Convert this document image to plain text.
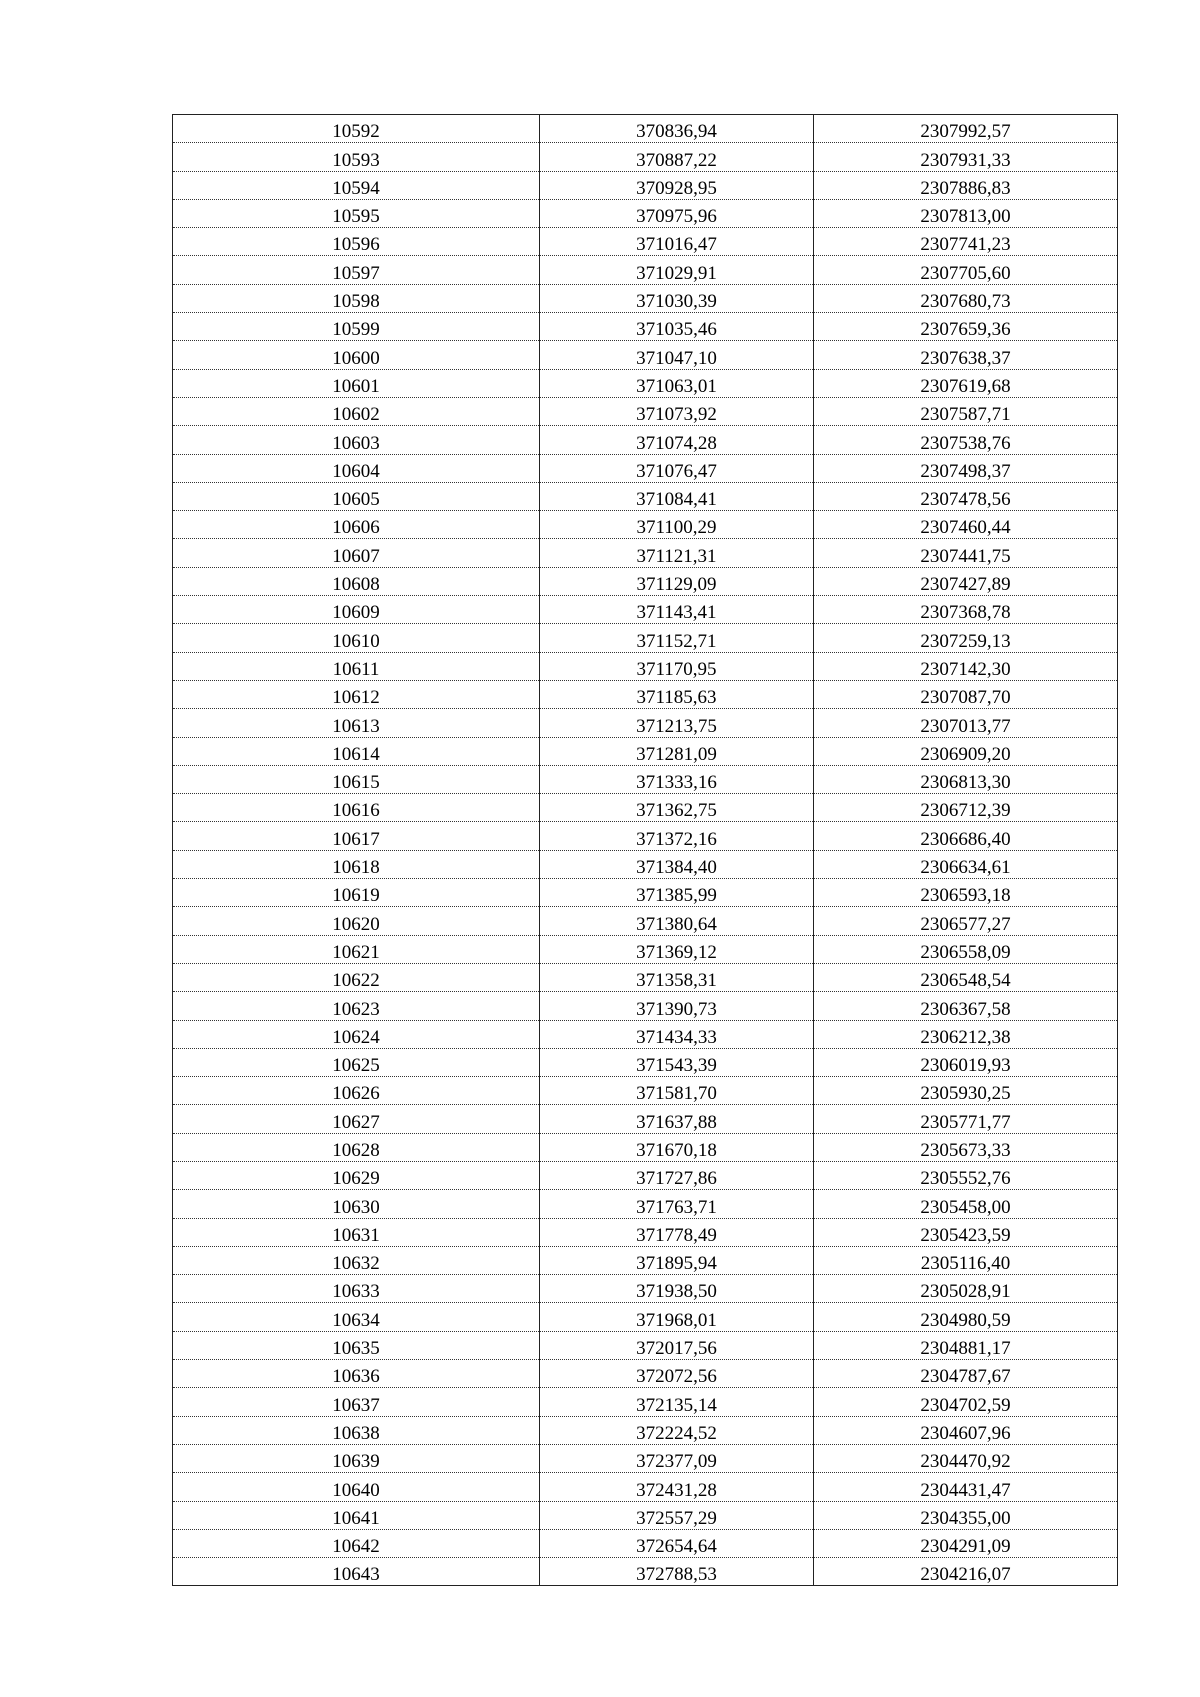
10592	370836,94	2307992,57
10593	370887,22	2307931,33
10594	370928,95	2307886,83
10595	370975,96	2307813,00
10596	371016,47	2307741,23
10597	371029,91	2307705,60
10598	371030,39	2307680,73
10599	371035,46	2307659,36
10600	371047,10	2307638,37
10601	371063,01	2307619,68
10602	371073,92	2307587,71
10603	371074,28	2307538,76
10604	371076,47	2307498,37
10605	371084,41	2307478,56
10606	371100,29	2307460,44
10607	371121,31	2307441,75
10608	371129,09	2307427,89
10609	371143,41	2307368,78
10610	371152,71	2307259,13
10611	371170,95	2307142,30
10612	371185,63	2307087,70
10613	371213,75	2307013,77
10614	371281,09	2306909,20
10615	371333,16	2306813,30
10616	371362,75	2306712,39
10617	371372,16	2306686,40
10618	371384,40	2306634,61
10619	371385,99	2306593,18
10620	371380,64	2306577,27
10621	371369,12	2306558,09
10622	371358,31	2306548,54
10623	371390,73	2306367,58
10624	371434,33	2306212,38
10625	371543,39	2306019,93
10626	371581,70	2305930,25
10627	371637,88	2305771,77
10628	371670,18	2305673,33
10629	371727,86	2305552,76
10630	371763,71	2305458,00
10631	371778,49	2305423,59
10632	371895,94	2305116,40
10633	371938,50	2305028,91
10634	371968,01	2304980,59
10635	372017,56	2304881,17
10636	372072,56	2304787,67
10637	372135,14	2304702,59
10638	372224,52	2304607,96
10639	372377,09	2304470,92
10640	372431,28	2304431,47
10641	372557,29	2304355,00
10642	372654,64	2304291,09
10643	372788,53	2304216,07
